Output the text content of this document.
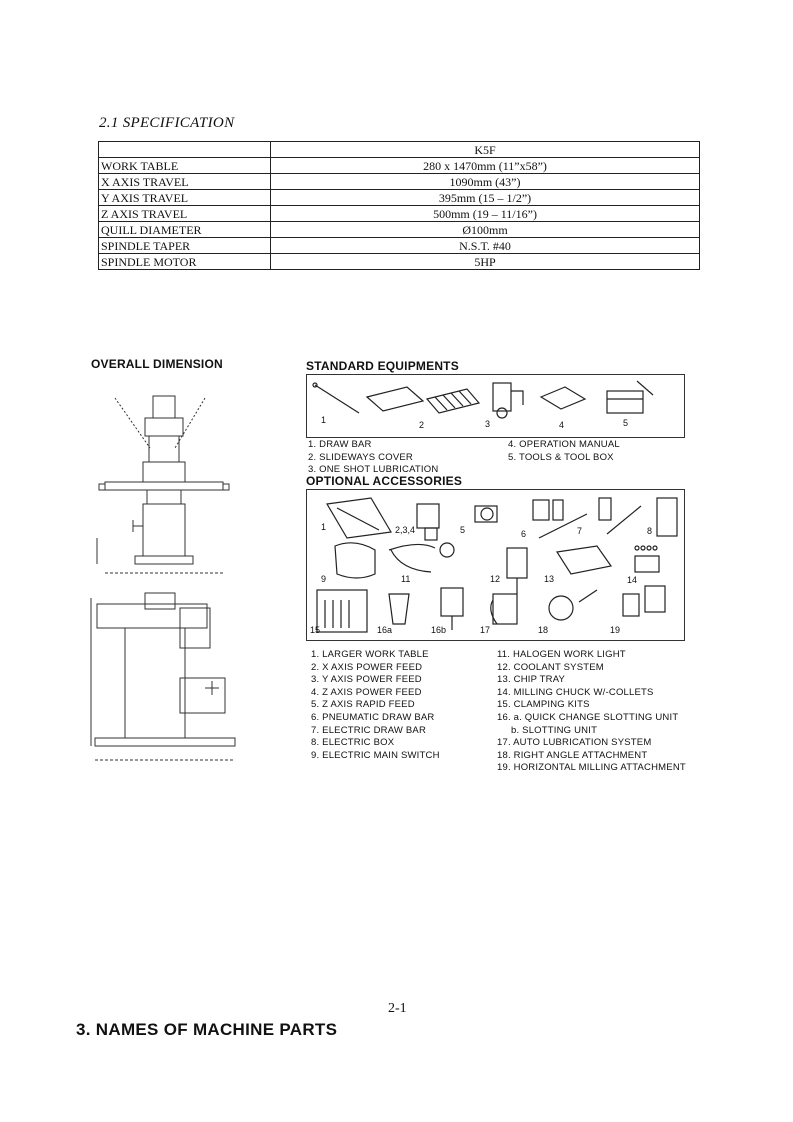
2.1 SPECIFICATION
	K5F
WORK TABLE	280 x 1470mm (11”x58”)
X AXIS TRAVEL	1090mm (43”)
Y AXIS TRAVEL	395mm (15 – 1/2”)
Z AXIS TRAVEL	500mm (19 – 11/16”)
QUILL DIAMETER	Ø100mm
SPINDLE TAPER	N.S.T. #40
SPINDLE MOTOR	5HP
OVERALL DIMENSION	STANDARD EQUIPMENTS
2
1	3	4	5
1. DRAW BAR
2. SLIDEWAYS COVER
3. ONE SHOT LUBRICATION
4. OPERATION MANUAL
5. TOOLS & TOOL BOX
OPTIONAL ACCESSORIES
1	2,3,4	5	6	7	8
9	11	12	13	14
15	16a	16b	17	18	19
1. LARGER WORK TABLE
2. X AXIS POWER FEED
3. Y AXIS POWER FEED
4. Z AXIS POWER FEED
5. Z AXIS RAPID FEED
6. PNEUMATIC DRAW BAR
7. ELECTRIC DRAW BAR
8. ELECTRIC BOX
9. ELECTRIC MAIN SWITCH
11. HALOGEN WORK LIGHT
12. COOLANT SYSTEM
13. CHIP TRAY
14. MILLING CHUCK W/-COLLETS
15. CLAMPING KITS
16. a. QUICK CHANGE SLOTTING UNIT
b. SLOTTING UNIT
17. AUTO LUBRICATION SYSTEM
18. RIGHT ANGLE ATTACHMENT
19. HORIZONTAL MILLING ATTACHMENT
2-1
3. NAMES OF MACHINE PARTS
